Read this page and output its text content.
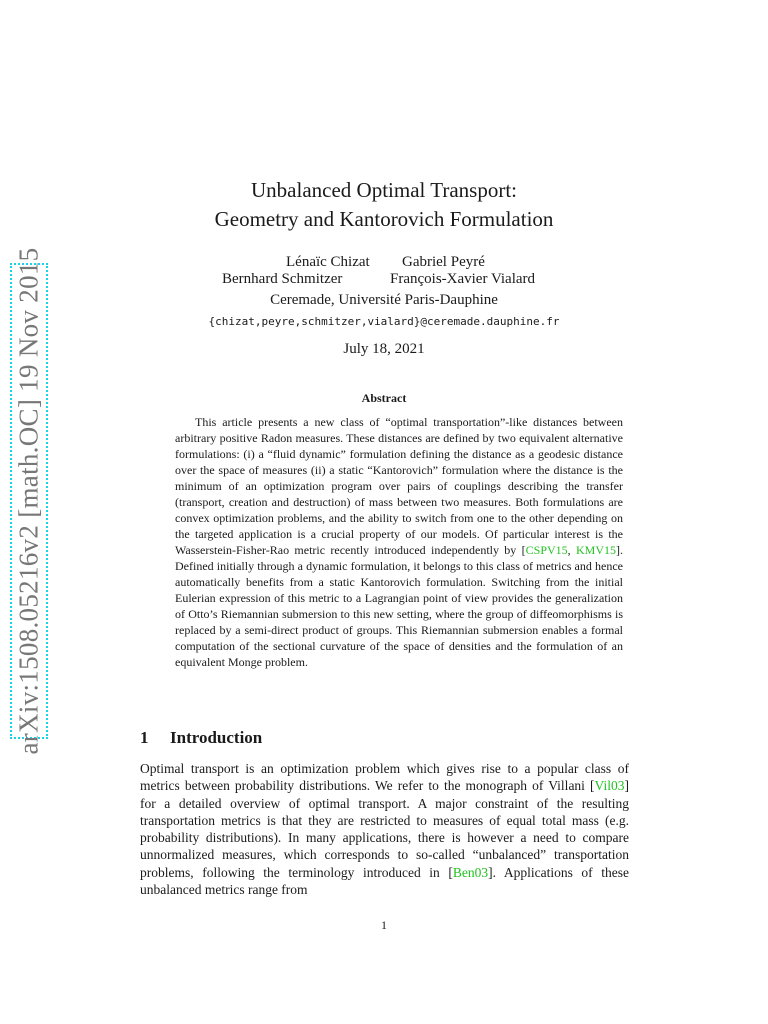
arXiv:1508.05216v2 [math.OC] 19 Nov 2015
Unbalanced Optimal Transport:
Geometry and Kantorovich Formulation
Lénaïc Chizat Gabriel Peyré
Bernhard Schmitzer	François-Xavier Vialard
Ceremade, Université Paris-Dauphine
{chizat,peyre,schmitzer,vialard}@ceremade.dauphine.fr
July 18, 2021
Abstract

This article presents a new class of “optimal transportation”-like distances between arbitrary positive Radon measures. These distances are defined by two equivalent alternative formulations: (i) a “fluid dynamic” formulation defining the distance as a geodesic distance over the space of measures (ii) a static “Kantorovich” formulation where the distance is the minimum of an optimization program over pairs of couplings describing the transfer (transport, creation and destruction) of mass between two measures. Both formulations are convex optimization problems, and the ability to switch from one to the other depending on the targeted application is a crucial property of our models. Of particular interest is the Wasserstein-Fisher-Rao metric recently introduced independently by [CSPV15, KMV15]. Defined initially through a dynamic formulation, it belongs to this class of metrics and hence automatically benefits from a static Kantorovich formulation. Switching from the initial Eulerian expression of this metric to a Lagrangian point of view provides the generalization of Otto’s Riemannian submersion to this new setting, where the group of diffeomorphisms is replaced by a semi-direct product of groups. This Riemannian submersion enables a formal computation of the sectional curvature of the space of densities and the formulation of an equivalent Monge problem.

1 Introduction

Optimal transport is an optimization problem which gives rise to a popular class of metrics between probability distributions. We refer to the monograph of Villani [Vil03] for a detailed overview of optimal transport. A major constraint of the resulting transportation metrics is that they are restricted to measures of equal total mass (e.g. probability distributions). In many applications, there is however a need to compare unnormalized measures, which corresponds to so-called “unbalanced” transportation problems, following the terminology introduced in [Ben03]. Applications of these unbalanced metrics range from

1
